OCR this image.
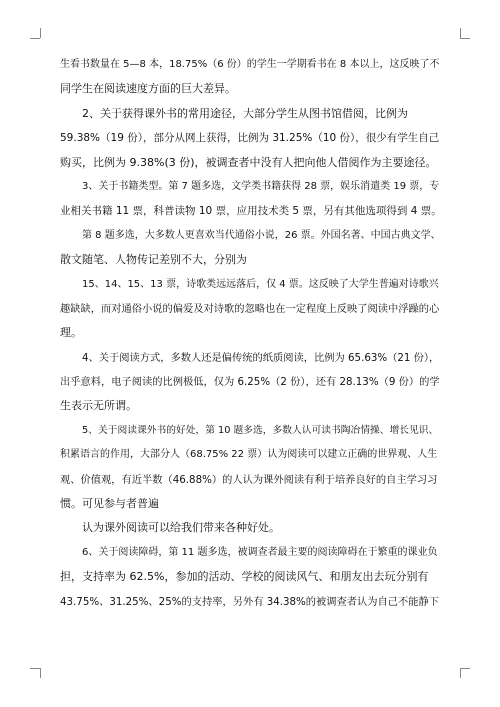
生看书数量在 5—8 本，18.75%（6 份）的学生一学期看书在 8 本以上，这反映了不
同学生在阅读速度方面的巨大差异。
2、关于获得课外书的常用途径，大部分学生从图书馆借阅，比例为
59.38%（19 份），部分从网上获得，比例为 31.25%（10 份），很少有学生自己
购买，比例为 9.38%(3 份)，被调查者中没有人把向他人借阅作为主要途径。
3、关于书籍类型。第 7 题多选，文学类书籍获得 28 票，娱乐消遣类 19 票，专
业相关书籍 11 票，科普读物 10 票，应用技术类 5 票，另有其他选项得到 4 票。
第 8 题多选，大多数人更喜欢当代通俗小说，26 票。外国名著、中国古典文学、
散文随笔、人物传记差别不大，分别为
15、14、15、13 票，诗歌类远远落后，仅 4 票。这反映了大学生普遍对诗歌兴
趣缺缺，而对通俗小说的偏爱及对诗歌的忽略也在一定程度上反映了阅读中浮躁的心
理。
4、关于阅读方式，多数人还是偏传统的纸质阅读，比例为 65.63%（21 份），
出乎意料，电子阅读的比例极低，仅为 6.25%（2 份），还有 28.13%（9 份）的学
生表示无所谓。
5、关于阅读课外书的好处，第 10 题多选，多数人认可读书陶冶情操、增长见识、
积累语言的作用，大部分人（68.75% 22 票）认为阅读可以建立正确的世界观、人生
观、价值观，有近半数（46.88%）的人认为课外阅读有利于培养良好的自主学习习
惯。可见参与者普遍
认为课外阅读可以给我们带来各种好处。
6、关于阅读障碍，第 11 题多选，被调查者最主要的阅读障碍在于繁重的课业负
担，支持率为 62.5%，参加的活动、学校的阅读风气、和朋友出去玩分别有
43.75%、31.25%、25%的支持率，另外有 34.38%的被调查者认为自己不能静下
